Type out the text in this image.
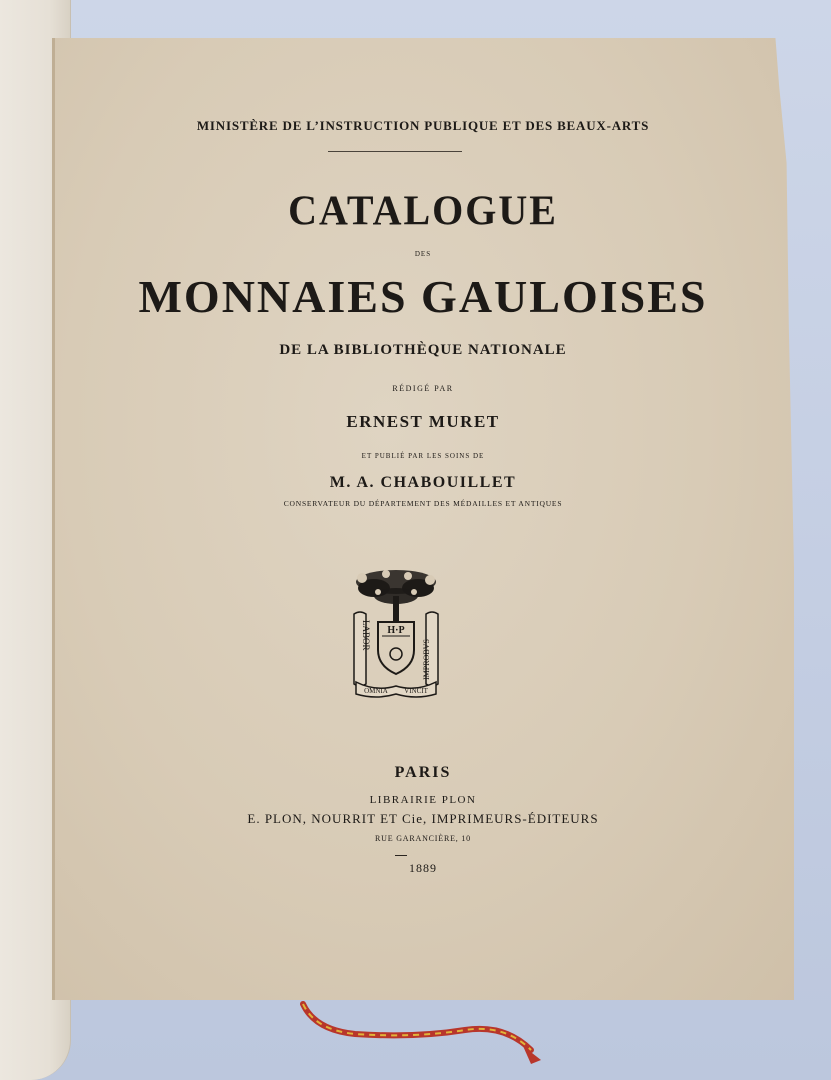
MINISTÈRE DE L’INSTRUCTION PUBLIQUE ET DES BEAUX-ARTS
CATALOGUE
DES
MONNAIES GAULOISES
DE LA BIBLIOTHÈQUE NATIONALE
RÉDIGÉ PAR
ERNEST MURET
ET PUBLIÉ PAR LES SOINS DE
M. A. CHABOUILLET
CONSERVATEUR DU DÉPARTEMENT DES MÉDAILLES ET ANTIQUES
H·P
LABOR
IMPROBVS
OMNIA VINCIT
PARIS
LIBRAIRIE PLON
E. PLON, NOURRIT ET Cie, IMPRIMEURS-ÉDITEURS
RUE GARANCIÈRE, 10
1889
